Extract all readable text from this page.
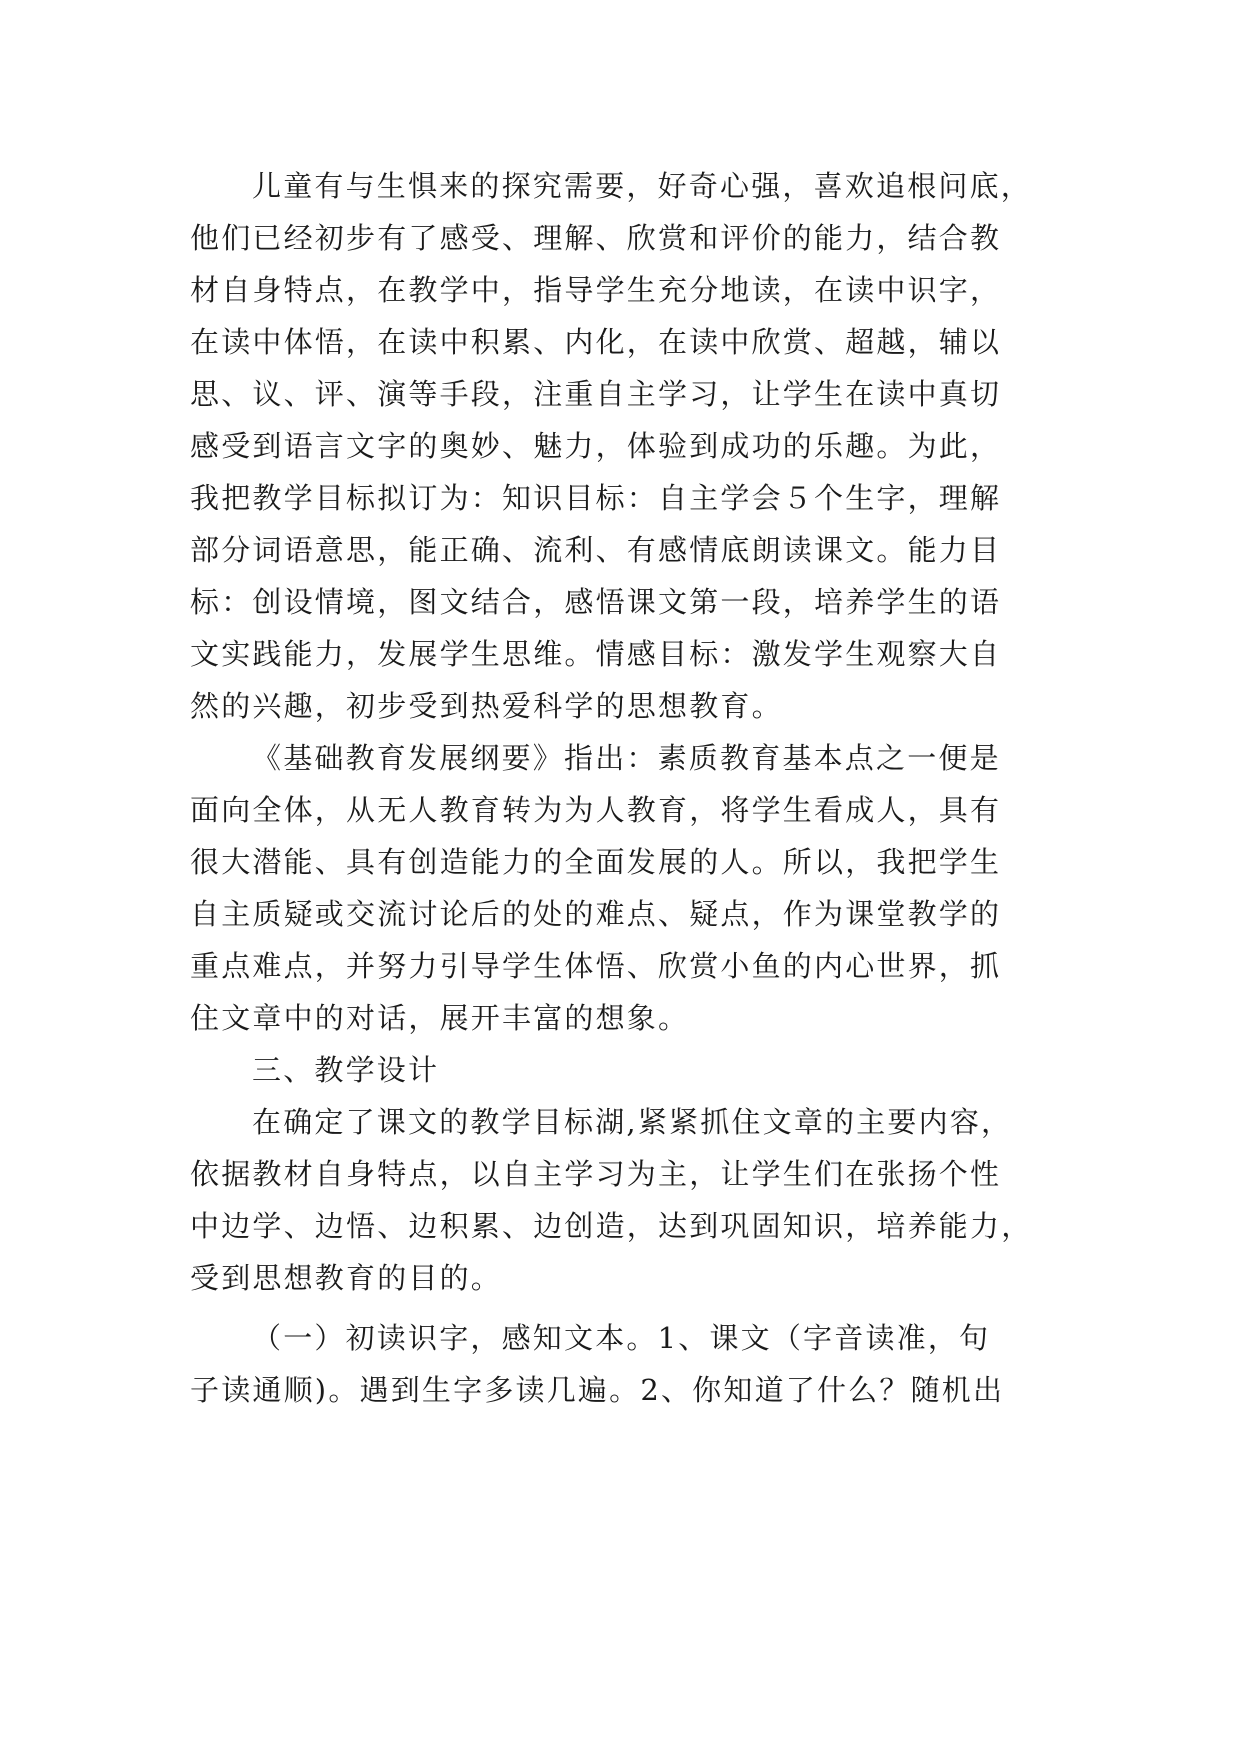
儿童有与生惧来的探究需要，好奇心强，喜欢追根问底，
他们已经初步有了感受、理解、欣赏和评价的能力，结合教
材自身特点，在教学中，指导学生充分地读，在读中识字，
在读中体悟，在读中积累、内化，在读中欣赏、超越，辅以
思、议、评、演等手段，注重自主学习，让学生在读中真切
感受到语言文字的奥妙、魅力，体验到成功的乐趣。为此，
我把教学目标拟订为：知识目标：自主学会５个生字，理解
部分词语意思，能正确、流利、有感情底朗读课文。能力目
标：创设情境，图文结合，感悟课文第一段，培养学生的语
文实践能力，发展学生思维。情感目标：激发学生观察大自
然的兴趣，初步受到热爱科学的思想教育。
《基础教育发展纲要》指出：素质教育基本点之一便是
面向全体，从无人教育转为为人教育，将学生看成人，具有
很大潜能、具有创造能力的全面发展的人。所以，我把学生
自主质疑或交流讨论后的处的难点、疑点，作为课堂教学的
重点难点，并努力引导学生体悟、欣赏小鱼的内心世界，抓
住文章中的对话，展开丰富的想象。
三、教学设计
在确定了课文的教学目标湖,紧紧抓住文章的主要内容，
依据教材自身特点，以自主学习为主，让学生们在张扬个性
中边学、边悟、边积累、边创造，达到巩固知识，培养能力，
受到思想教育的目的。
（一）初读识字，感知文本。1、课文（字音读准，句
子读通顺)。遇到生字多读几遍。2、你知道了什么？随机出
